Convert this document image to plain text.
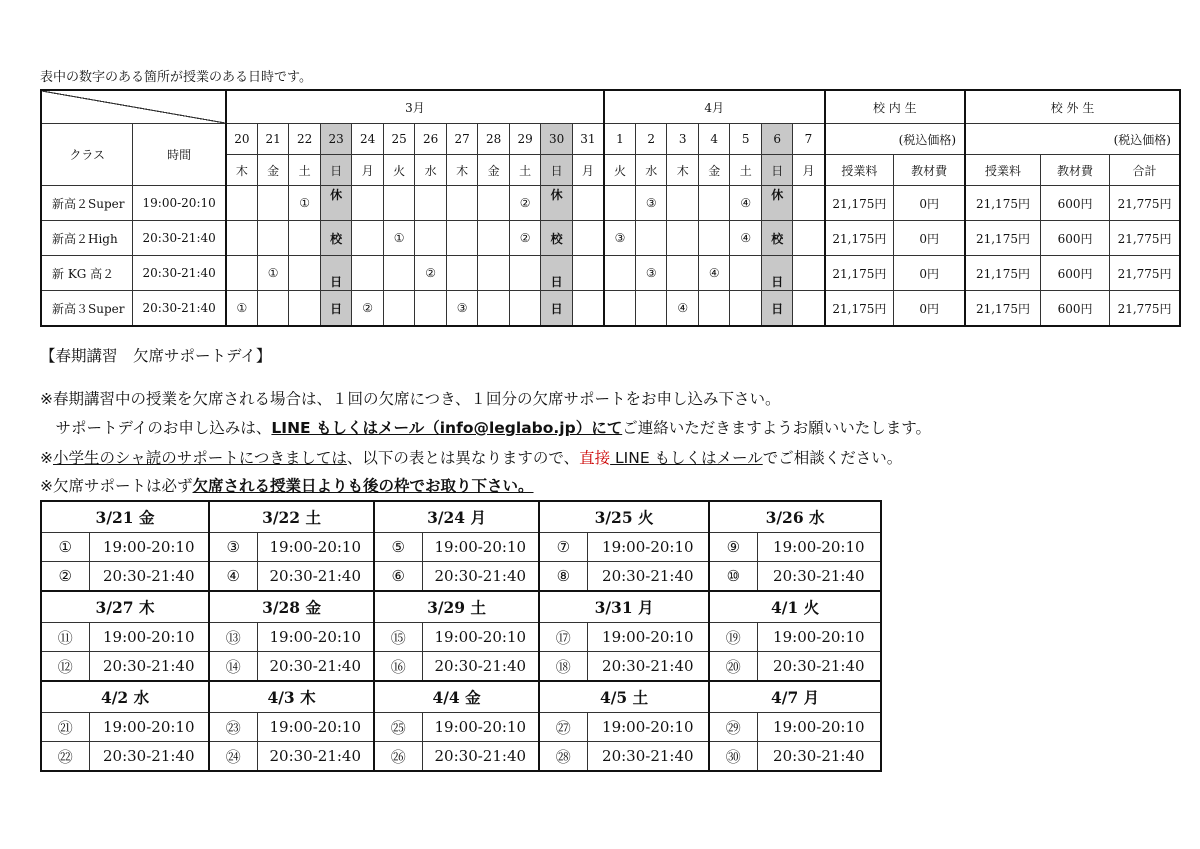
表中の数字のある箇所が授業のある日時です。
		3月												4月							校 内 生		校 外 生		
クラス	時間	20	21	22	23	24	25	26	27	28	29	30	31	1	2	3	4	5	6	7	(税込価格)		(税込価格)		
		木	金	土	日	月	火	水	木	金	土	日	月	火	水	木	金	土	日	月	授業料	教材費	授業料	教材費	合計
新高２Super	19:00-20:10			①	休						②	休			③			④	休		21,175円	0円	21,175円	600円	21,775円
新高２High	20:30-21:40				校		①				②	校		③				④	校		21,175円	0円	21,175円	600円	21,775円
新 KG 高２	20:30-21:40		①		日			②				日			③		④		日		21,175円	0円	21,175円	600円	21,775円
新高３Super	20:30-21:40	①			日	②			③			日				④			日		21,175円	0円	21,175円	600円	21,775円
【春期講習　欠席サポートデイ】
※春期講習中の授業を欠席される場合は、１回の欠席につき、１回分の欠席サポートをお申し込み下さい。
　サポートデイのお申し込みは、LINE もしくはメール（info@leglabo.jp）にてご連絡いただきますようお願いいたします。
※小学生のシャ読のサポートにつきましては、以下の表とは異なりますので、直接 LINE もしくはメールでご相談ください。
※欠席サポートは必ず欠席される授業日よりも後の枠でお取り下さい。
3/21 金		3/22 土		3/24 月		3/25 火		3/26 水	
①	19:00-20:10	③	19:00-20:10	⑤	19:00-20:10	⑦	19:00-20:10	⑨	19:00-20:10
②	20:30-21:40	④	20:30-21:40	⑥	20:30-21:40	⑧	20:30-21:40	⑩	20:30-21:40
3/27 木		3/28 金		3/29 土		3/31 月		4/1 火	
⑪	19:00-20:10	⑬	19:00-20:10	⑮	19:00-20:10	⑰	19:00-20:10	⑲	19:00-20:10
⑫	20:30-21:40	⑭	20:30-21:40	⑯	20:30-21:40	⑱	20:30-21:40	⑳	20:30-21:40
4/2 水		4/3 木		4/4 金		4/5 土		4/7 月	
㉑	19:00-20:10	㉓	19:00-20:10	㉕	19:00-20:10	㉗	19:00-20:10	㉙	19:00-20:10
㉒	20:30-21:40	㉔	20:30-21:40	㉖	20:30-21:40	㉘	20:30-21:40	㉚	20:30-21:40
